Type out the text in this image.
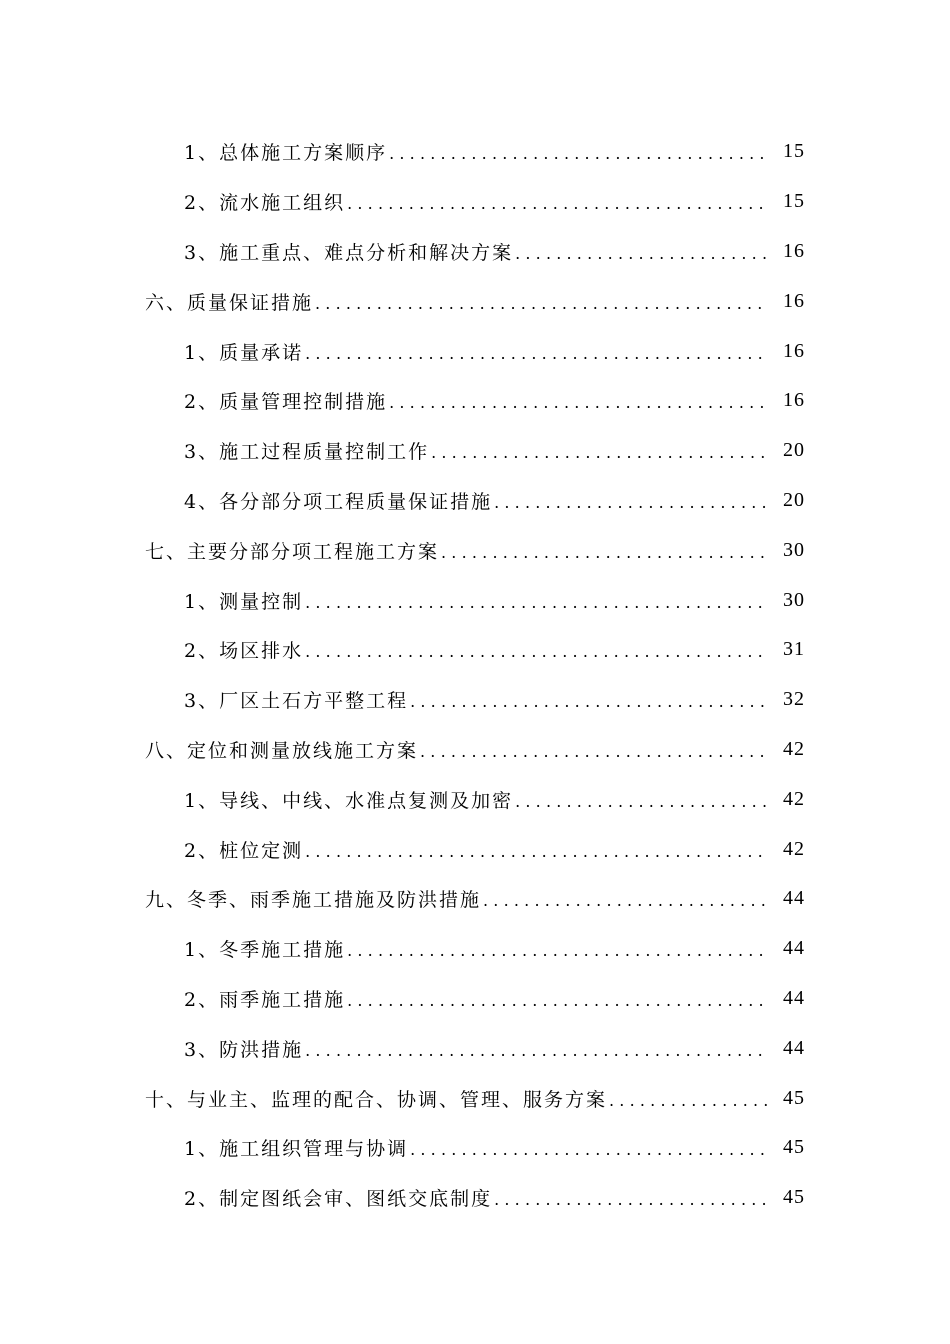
1、总体施工方案顺序 .....	15
2、流水施工组织 .....	15
3、施工重点、难点分析和解决方案 .....	16
六、质量保证措施 .....	16
1、质量承诺 .....	16
2、质量管理控制措施 .....	16
3、施工过程质量控制工作 .....	20
4、各分部分项工程质量保证措施 .....	20
七、主要分部分项工程施工方案 .....	30
1、测量控制 .....	30
2、场区排水 .....	31
3、厂区土石方平整工程 .....	32
八、定位和测量放线施工方案 .....	42
1、导线、中线、水准点复测及加密 .....	42
2、桩位定测 .....	42
九、冬季、雨季施工措施及防洪措施 .....	44
1、冬季施工措施 .....	44
2、雨季施工措施 .....	44
3、防洪措施 .....	44
十、与业主、监理的配合、协调、管理、服务方案 .....	45
1、施工组织管理与协调 .....	45
2、制定图纸会审、图纸交底制度 .....	45
